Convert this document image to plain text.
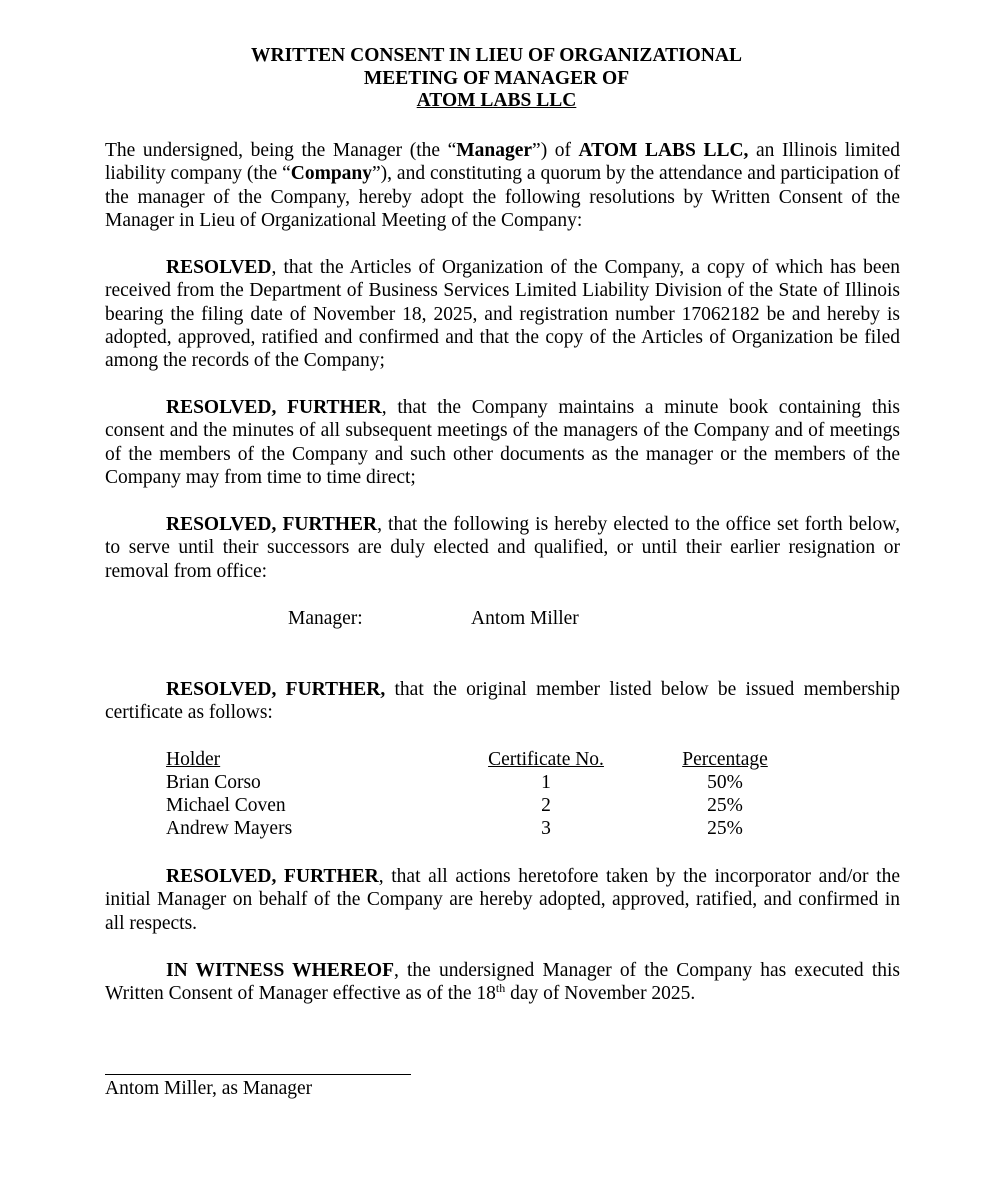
WRITTEN CONSENT IN LIEU OF ORGANIZATIONAL
MEETING OF MANAGER OF
ATOM LABS LLC

The undersigned, being the Manager (the “Manager”) of ATOM LABS LLC, an Illinois limited liability company (the “Company”), and constituting a quorum by the attendance and participation of the manager of the Company, hereby adopt the following resolutions by Written Consent of the Manager in Lieu of Organizational Meeting of the Company:

RESOLVED, that the Articles of Organization of the Company, a copy of which has been received from the Department of Business Services Limited Liability Division of the State of Illinois bearing the filing date of November 18, 2025, and registration number 17062182 be and hereby is adopted, approved, ratified and confirmed and that the copy of the Articles of Organization be filed among the records of the Company;

RESOLVED, FURTHER, that the Company maintains a minute book containing this consent and the minutes of all subsequent meetings of the managers of the Company and of meetings of the members of the Company and such other documents as the manager or the members of the Company may from time to time direct;

RESOLVED, FURTHER, that the following is hereby elected to the office set forth below, to serve until their successors are duly elected and qualified, or until their earlier resignation or removal from office:

Manager:	Antom Miller

RESOLVED, FURTHER, that the original member listed below be issued membership certificate as follows:

Holder	Certificate No.	Percentage
Brian Corso	1	50%
Michael Coven	2	25%
Andrew Mayers	3	25%

RESOLVED, FURTHER, that all actions heretofore taken by the incorporator and/or the initial Manager on behalf of the Company are hereby adopted, approved, ratified, and confirmed in all respects.

IN WITNESS WHEREOF, the undersigned Manager of the Company has executed this Written Consent of Manager effective as of the 18th day of November 2025.

Antom Miller, as Manager
